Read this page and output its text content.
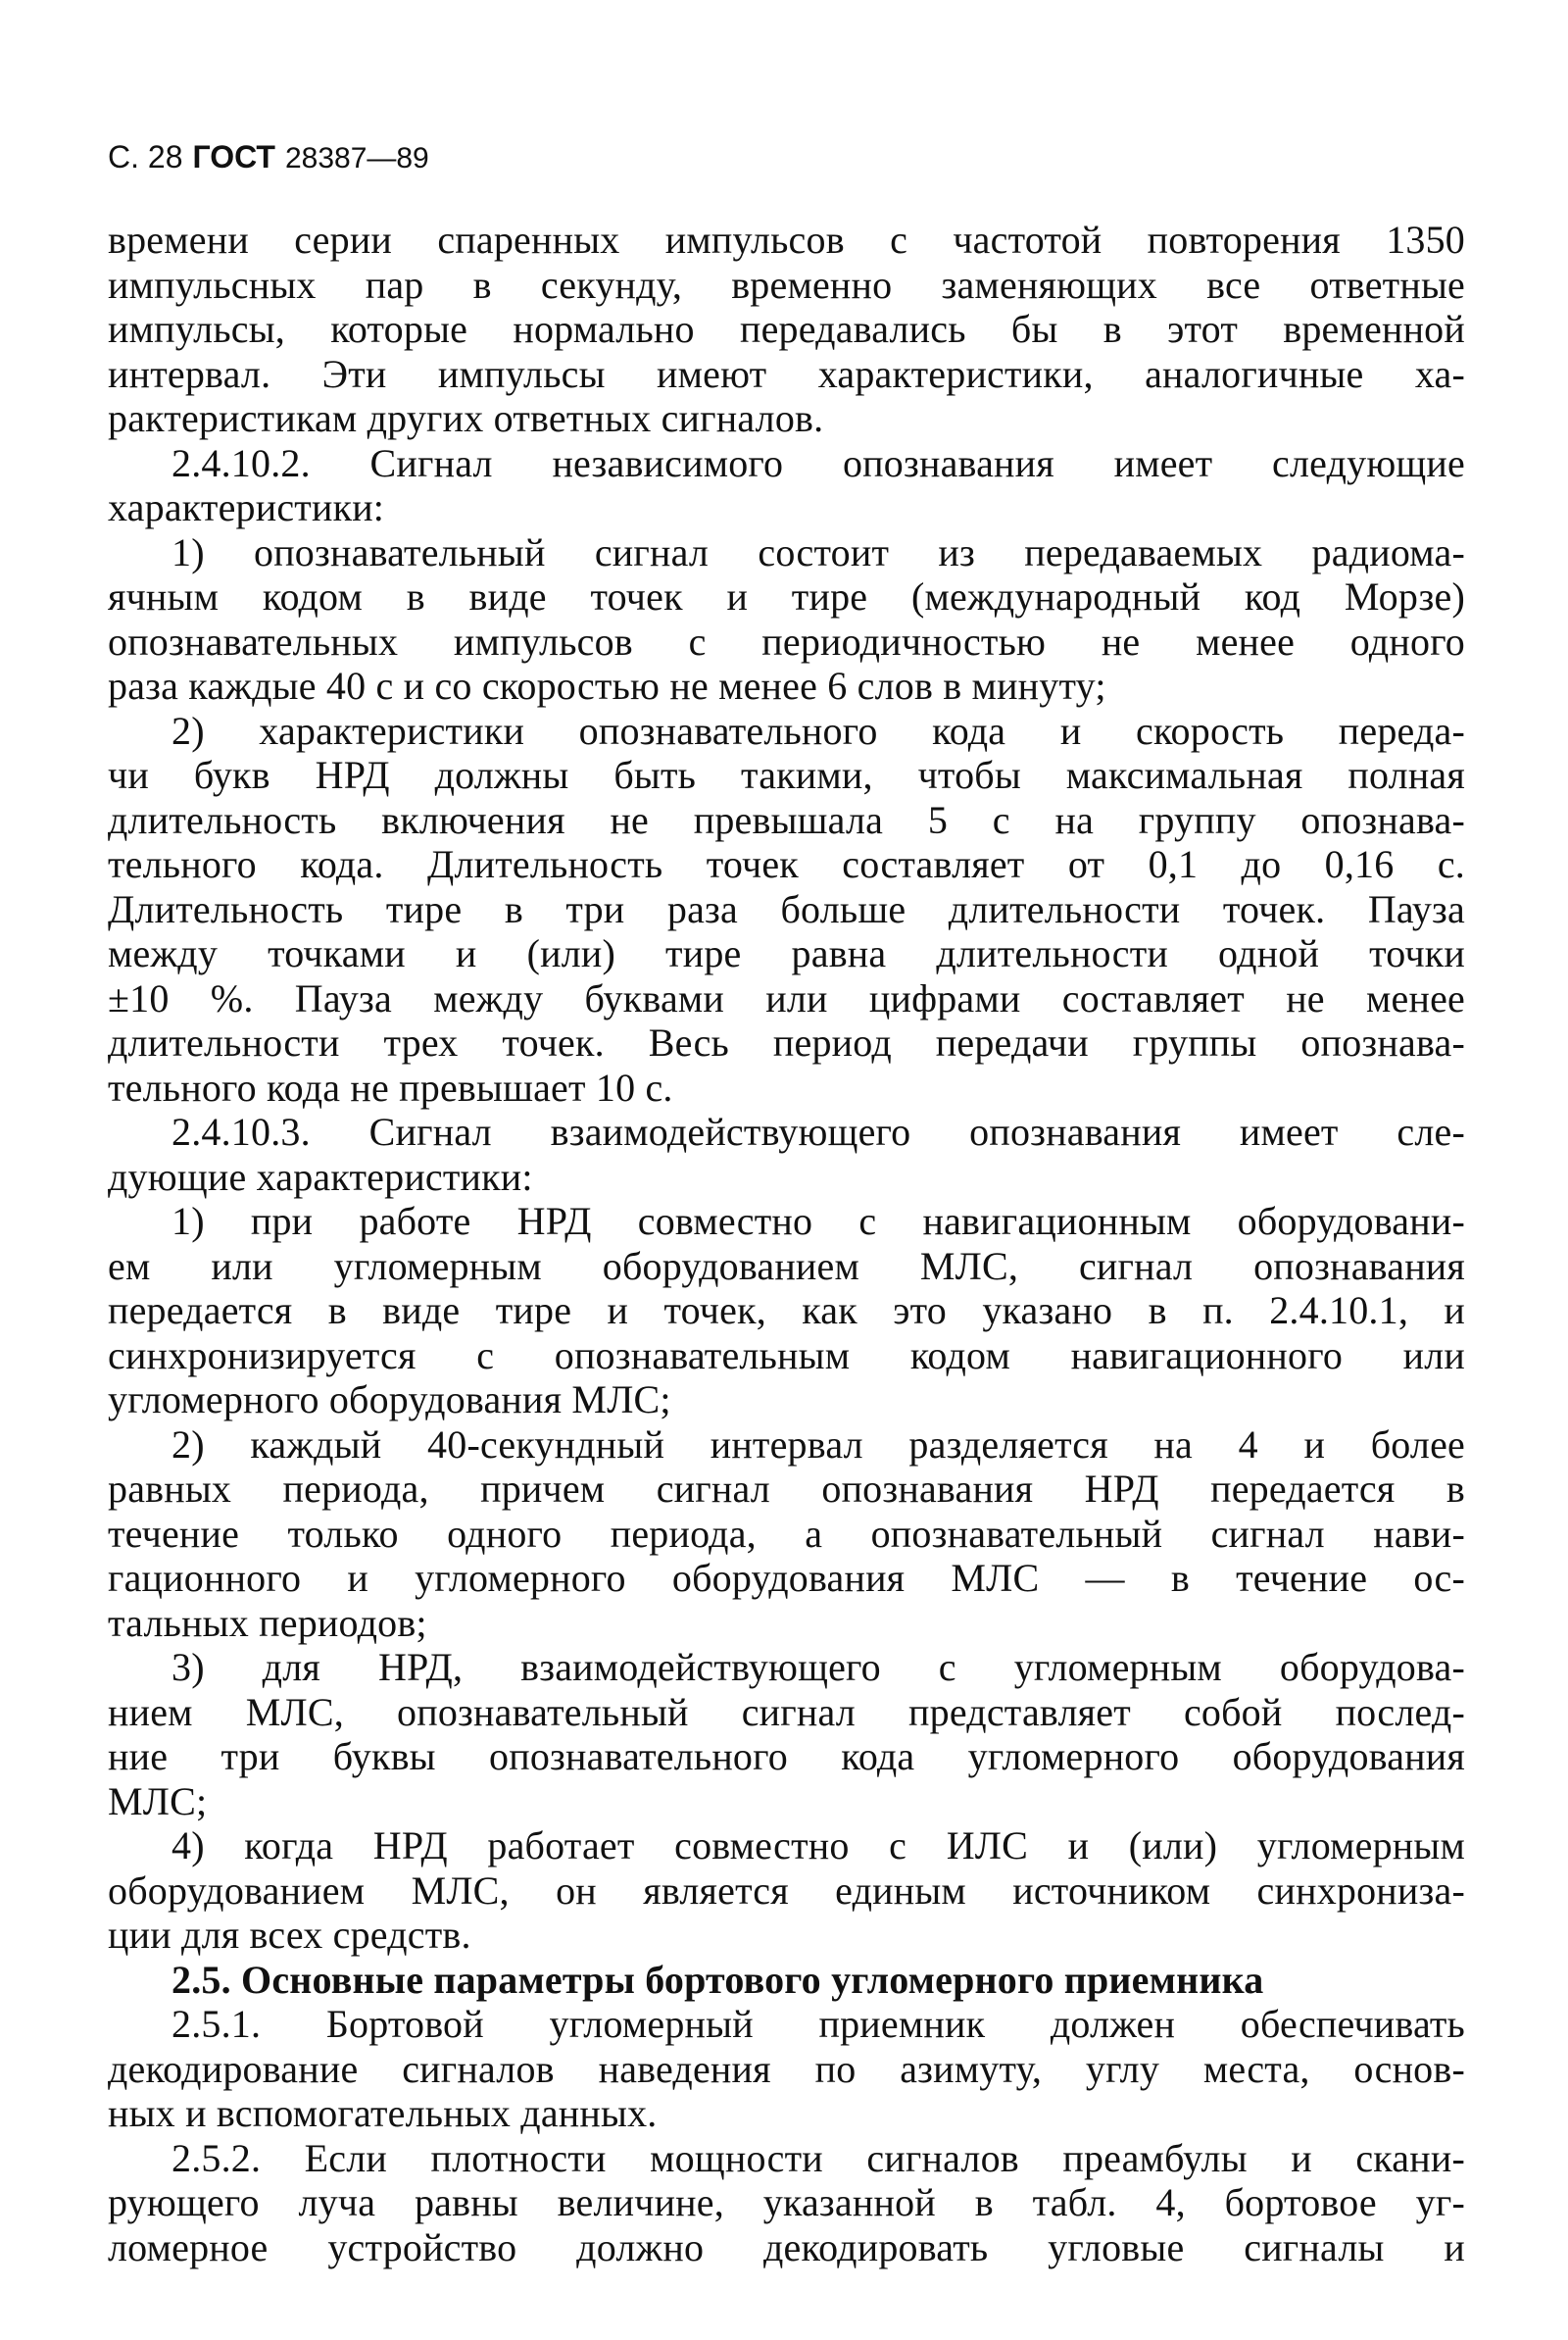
С. 28 ГОСТ 28387—89
времени серии спаренных импульсов с частотой повторения 1350
импульсных пар в секунду, временно заменяющих все ответные
импульсы, которые нормально передавались бы в этот временной
интервал. Эти импульсы имеют характеристики, аналогичные ха-
рактеристикам других ответных сигналов.
2.4.10.2. Сигнал независимого опознавания имеет следующие
характеристики:
1) опознавательный сигнал состоит из передаваемых радиома-
ячным кодом в виде точек и тире (международный код Морзе)
опознавательных импульсов с периодичностью не менее одного
раза каждые 40 с и со скоростью не менее 6 слов в минуту;
2) характеристики опознавательного кода и скорость переда-
чи букв НРД должны быть такими, чтобы максимальная полная
длительность включения не превышала 5 с на группу опознава-
тельного кода. Длительность точек составляет от 0,1 до 0,16 с.
Длительность тире в три раза больше длительности точек. Пауза
между точками и (или) тире равна длительности одной точки
±10 %. Пауза между буквами или цифрами составляет не менее
длительности трех точек. Весь период передачи группы опознава-
тельного кода не превышает 10 с.
2.4.10.3. Сигнал взаимодействующего опознавания имеет сле-
дующие характеристики:
1) при работе НРД совместно с навигационным оборудовани-
ем или угломерным оборудованием МЛС, сигнал опознавания
передается в виде тире и точек, как это указано в п. 2.4.10.1, и
синхронизируется с опознавательным кодом навигационного или
угломерного оборудования МЛС;
2) каждый 40-секундный интервал разделяется на 4 и более
равных периода, причем сигнал опознавания НРД передается в
течение только одного периода, а опознавательный сигнал нави-
гационного и угломерного оборудования МЛС — в течение ос-
тальных периодов;
3) для НРД, взаимодействующего с угломерным оборудова-
нием МЛС, опознавательный сигнал представляет собой послед-
ние три буквы опознавательного кода угломерного оборудования
МЛС;
4) когда НРД работает совместно с ИЛС и (или) угломерным
оборудованием МЛС, он является единым источником синхрониза-
ции для всех средств.
2.5. Основные параметры бортового угломерного приемника
2.5.1. Бортовой угломерный приемник должен обеспечивать
декодирование сигналов наведения по азимуту, углу места, основ-
ных и вспомогательных данных.
2.5.2. Если плотности мощности сигналов преамбулы и скани-
рующего луча равны величине, указанной в табл. 4, бортовое уг-
ломерное устройство должно декодировать угловые сигналы и
